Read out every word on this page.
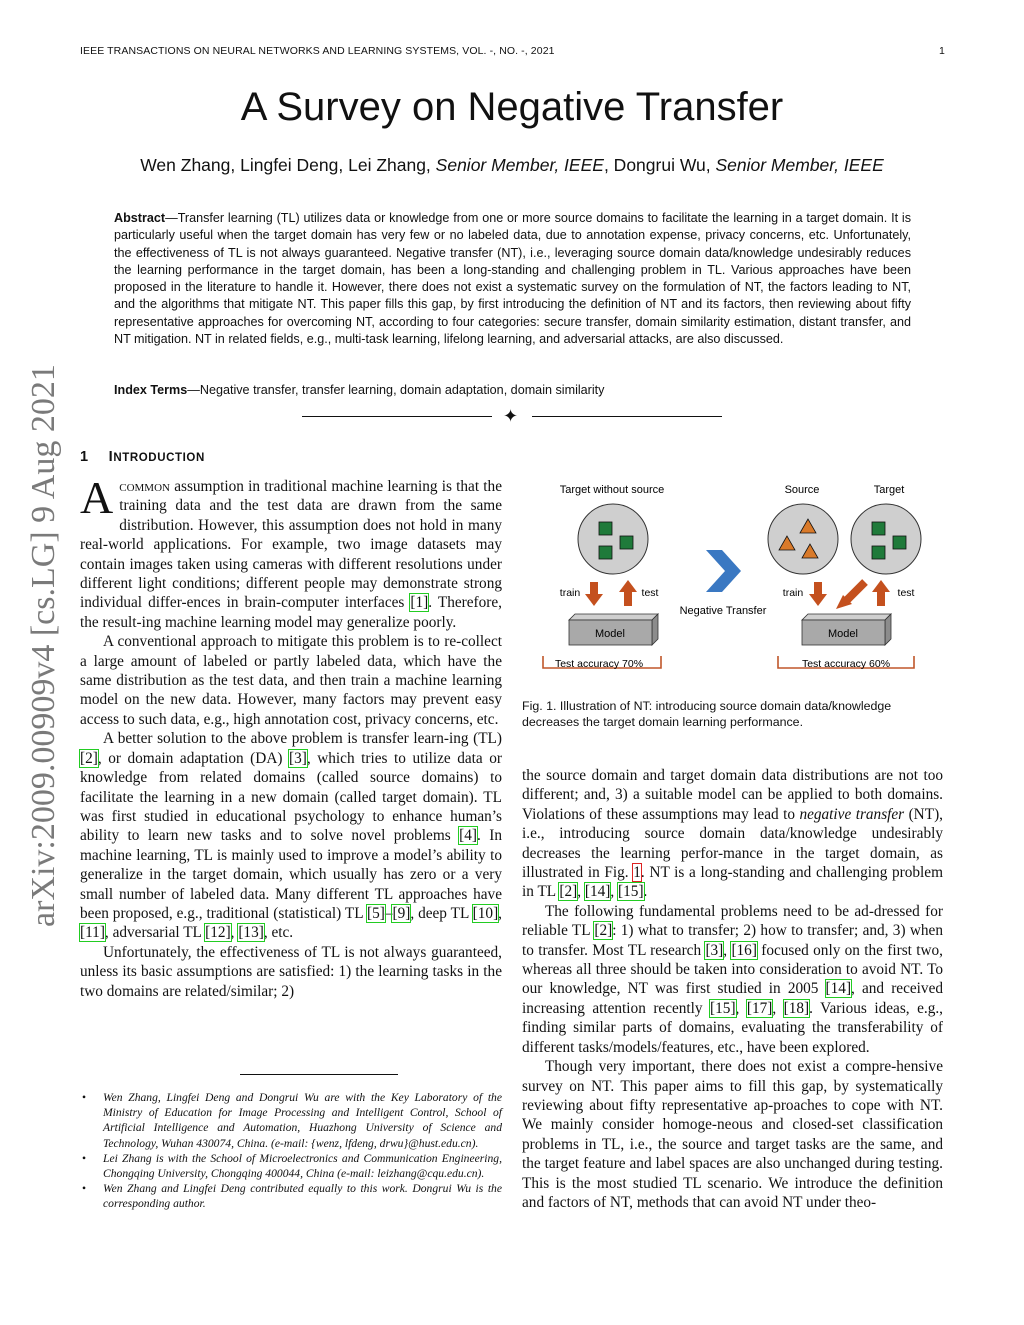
IEEE TRANSACTIONS ON NEURAL NETWORKS AND LEARNING SYSTEMS, VOL. -, NO. -, 2021	1
arXiv:2009.00909v4 [cs.LG] 9 Aug 2021
A Survey on Negative Transfer
Wen Zhang, Lingfei Deng, Lei Zhang, Senior Member, IEEE, Dongrui Wu, Senior Member, IEEE
Abstract—Transfer learning (TL) utilizes data or knowledge from one or more source domains to facilitate the learning in a target domain. It is particularly useful when the target domain has very few or no labeled data, due to annotation expense, privacy concerns, etc. Unfortunately, the effectiveness of TL is not always guaranteed. Negative transfer (NT), i.e., leveraging source domain data/knowledge undesirably reduces the learning performance in the target domain, has been a long-standing and challenging problem in TL. Various approaches have been proposed in the literature to handle it. However, there does not exist a systematic survey on the formulation of NT, the factors leading to NT, and the algorithms that mitigate NT. This paper fills this gap, by first introducing the definition of NT and its factors, then reviewing about fifty representative approaches for overcoming NT, according to four categories: secure transfer, domain similarity estimation, distant transfer, and NT mitigation. NT in related fields, e.g., multi-task learning, lifelong learning, and adversarial attacks, are also discussed.
Index Terms—Negative transfer, transfer learning, domain adaptation, domain similarity
✦
1 INTRODUCTION

Acommon assumption in traditional machine learning is that the training data and the test data are drawn from the same distribution. However, this assumption does not hold in many real-world applications. For example, two image datasets may contain images taken using cameras with different resolutions under different light conditions; different people may demonstrate strong individual differ-ences in brain-computer interfaces [1]. Therefore, the result-ing machine learning model may generalize poorly.

A conventional approach to mitigate this problem is to re-collect a large amount of labeled or partly labeled data, which have the same distribution as the test data, and then train a machine learning model on the new data. However, many factors may prevent easy access to such data, e.g., high annotation cost, privacy concerns, etc.

A better solution to the above problem is transfer learn-ing (TL) [2], or domain adaptation (DA) [3], which tries to utilize data or knowledge from related domains (called source domains) to facilitate the learning in a new domain (called target domain). TL was first studied in educational psychology to enhance human’s ability to learn new tasks and to solve novel problems [4]. In machine learning, TL is mainly used to improve a model’s ability to generalize in the target domain, which usually has zero or a very small number of labeled data. Many different TL approaches have been proposed, e.g., traditional (statistical) TL [5]–[9], deep TL [10], [11], adversarial TL [12], [13], etc.

Unfortunately, the effectiveness of TL is not always guaranteed, unless its basic assumptions are satisfied: 1) the learning tasks in the two domains are related/similar; 2)

• Wen Zhang, Lingfei Deng and Dongrui Wu are with the Key Laboratory of the Ministry of Education for Image Processing and Intelligent Control, School of Artificial Intelligence and Automation, Huazhong University of Science and Technology, Wuhan 430074, China. (e-mail: {wenz, lfdeng, drwu}@hust.edu.cn).
• Lei Zhang is with the School of Microelectronics and Communication Engineering, Chongqing University, Chongqing 400044, China (e-mail: leizhang@cqu.edu.cn).
• Wen Zhang and Lingfei Deng contributed equally to this work. Dongrui Wu is the corresponding author.
Target without source
train	test
Model
Test accuracy 70%
Negative Transfer
Source	Target
train	test
Model
Test accuracy 60%
Fig. 1. Illustration of NT: introducing source domain data/knowledge decreases the target domain learning performance.

the source domain and target domain data distributions are not too different; and, 3) a suitable model can be applied to both domains. Violations of these assumptions may lead to negative transfer (NT), i.e., introducing source domain data/knowledge undesirably decreases the learning perfor-mance in the target domain, as illustrated in Fig. 1. NT is a long-standing and challenging problem in TL [2], [14], [15].

The following fundamental problems need to be ad-dressed for reliable TL [2]: 1) what to transfer; 2) how to transfer; and, 3) when to transfer. Most TL research [3], [16] focused only on the first two, whereas all three should be taken into consideration to avoid NT. To our knowledge, NT was first studied in 2005 [14], and received increasing attention recently [15], [17], [18]. Various ideas, e.g., finding similar parts of domains, evaluating the transferability of different tasks/models/features, etc., have been explored.

Though very important, there does not exist a compre-hensive survey on NT. This paper aims to fill this gap, by systematically reviewing about fifty representative ap-proaches to cope with NT. We mainly consider homoge-neous and closed-set classification problems in TL, i.e., the source and target tasks are the same, and the target feature and label spaces are also unchanged during testing. This is the most studied TL scenario. We introduce the definition and factors of NT, methods that can avoid NT under theo-
